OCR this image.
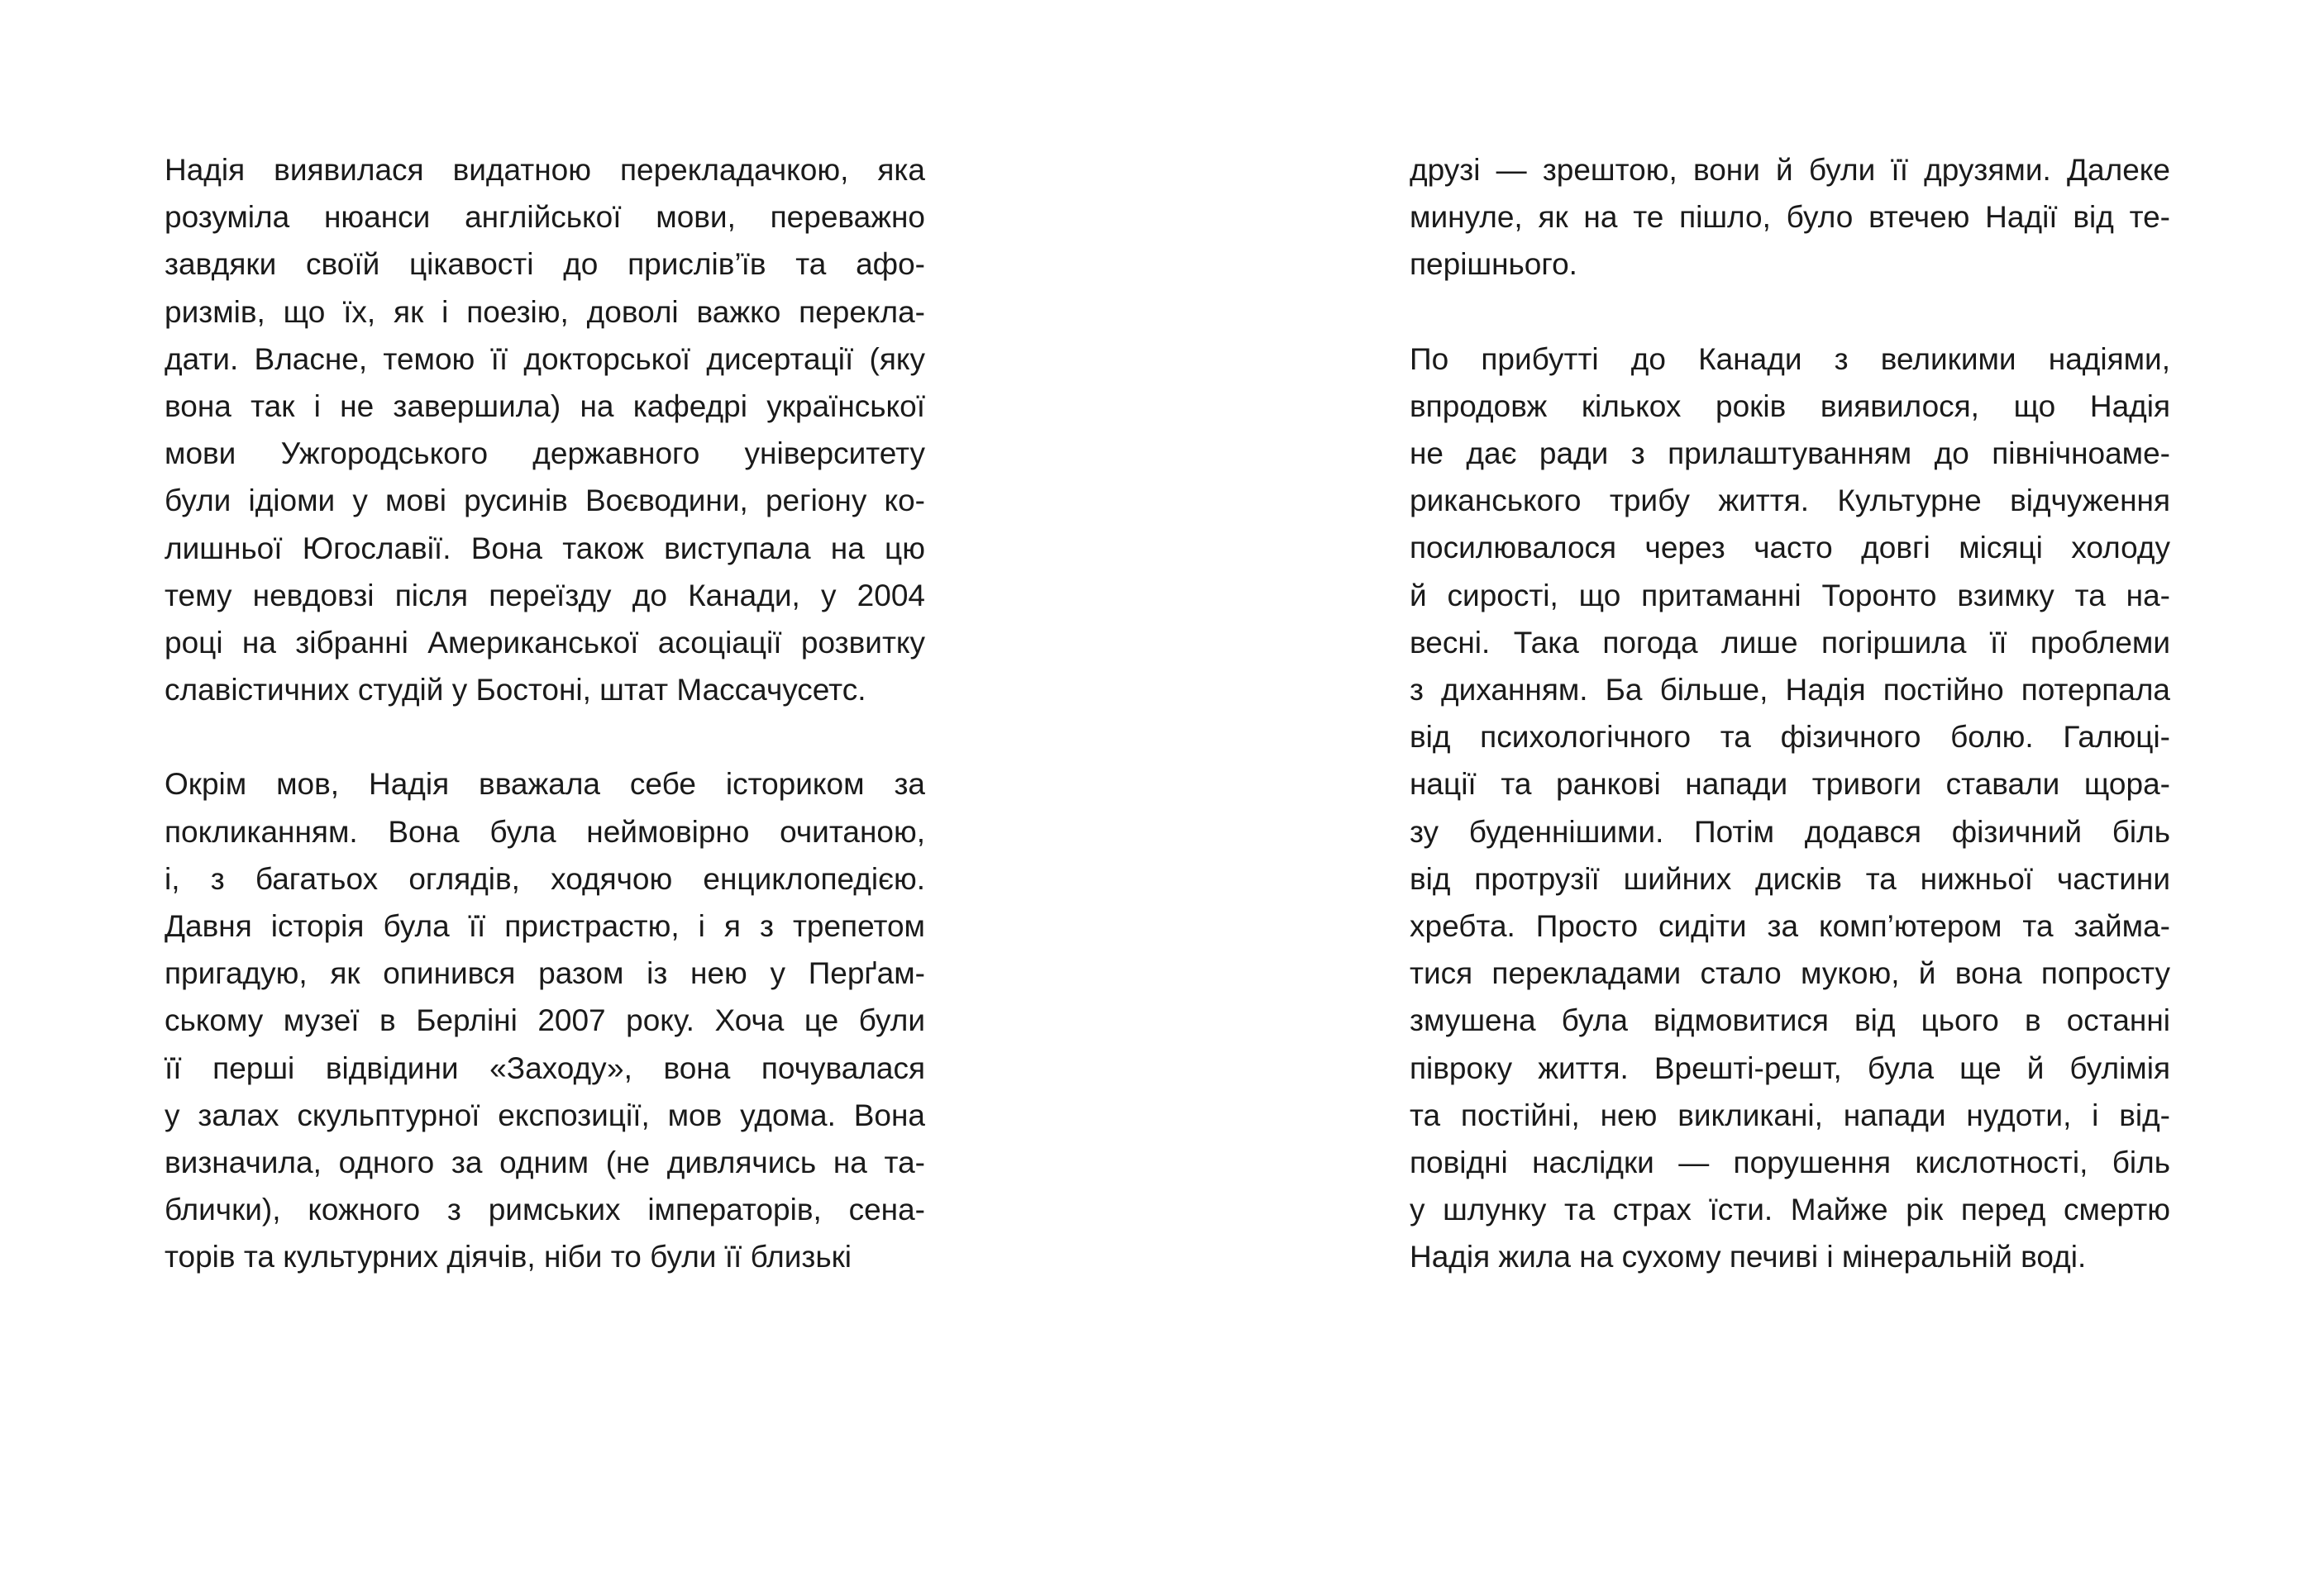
Надія виявилася видатною перекладачкою, яка
розуміла нюанси англійської мови, переважно
завдяки своїй цікавості до прислів’їв та афо-
ризмів, що їх, як і поезію, доволі важко перекла-
дати. Власне, темою її докторської дисертації (яку
вона так і не завершила) на кафедрі української
мови Ужгородського державного університету
були ідіоми у мові русинів Воєводини, регіону ко-
лишньої Югославії. Вона також виступала на цю
тему невдовзі після переїзду до Канади, у 2004
році на зібранні Американської асоціації розвитку
славістичних студій у Бостоні, штат Массачусетс.

Окрім мов, Надія вважала себе істориком за
покликанням. Вона була неймовірно очитаною,
і, з багатьох оглядів, ходячою енциклопедією.
Давня історія була її пристрастю, і я з трепетом
пригадую, як опинився разом із нею у Перґам-
ському музеї в Берліні 2007 року. Хоча це були
її перші відвідини «Заходу», вона почувалася
у залах скульптурної експозиції, мов удома. Вона
визначила, одного за одним (не дивлячись на та-
блички), кожного з римських імператорів, сена-
торів та культурних діячів, ніби то були її близькі

друзі — зрештою, вони й були її друзями. Далеке
минуле, як на те пішло, було втечею Надії від те-
перішнього.

По прибутті до Канади з великими надіями,
впродовж кількох років виявилося, що Надія
не дає ради з прилаштуванням до північноаме-
риканського трибу життя. Культурне відчуження
посилювалося через часто довгі місяці холоду
й сирості, що притаманні Торонто взимку та на-
весні. Така погода лише погіршила її проблеми
з диханням. Ба більше, Надія постійно потерпала
від психологічного та фізичного болю. Галюці-
нації та ранкові напади тривоги ставали щора-
зу буденнішими. Потім додався фізичний біль
від протрузії шийних дисків та нижньої частини
хребта. Просто сидіти за комп’ютером та займа-
тися перекладами стало мукою, й вона попросту
змушена була відмовитися від цього в останні
півроку життя. Врешті-решт, була ще й булімія
та постійні, нею викликані, напади нудоти, і від-
повідні наслідки — порушення кислотності, біль
у шлунку та страх їсти. Майже рік перед смертю
Надія жила на сухому печиві і мінеральній воді.
